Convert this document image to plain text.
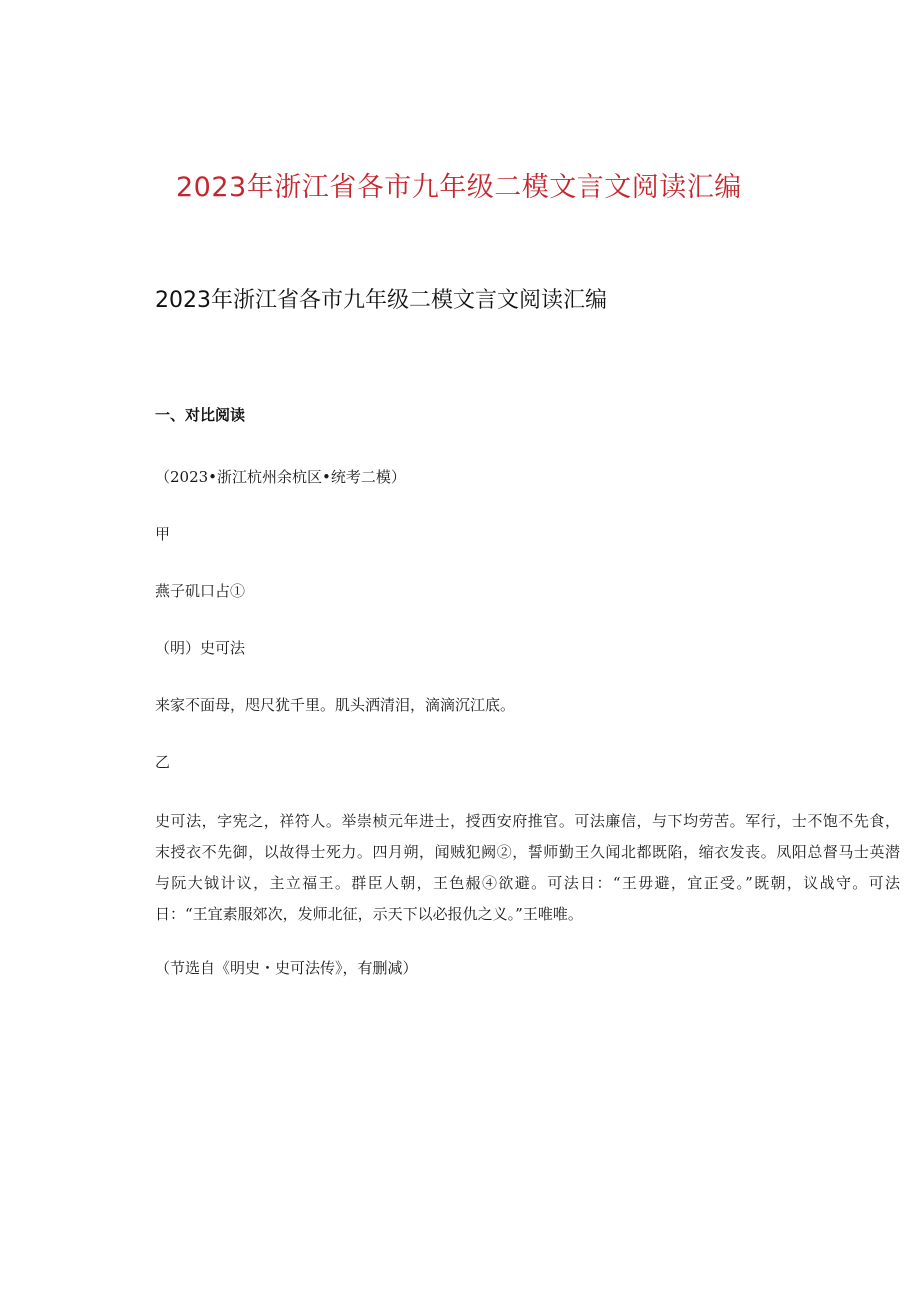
2023年浙江省各市九年级二模文言文阅读汇编
2023年浙江省各市九年级二模文言文阅读汇编
一、对比阅读
（2023•浙江杭州余杭区•统考二模）
甲
燕子矶口占①
（明）史可法
来家不面母，咫尺犹千里。肌头洒清泪，滴滴沉江底。
乙
史可法，字宪之，祥符人。举崇桢元年进士，授西安府推官。可法廉信，与下均劳苦。军行，士不饱不先食，
末授衣不先御，以故得士死力。四月朔，闻贼犯阙②，誓师勤王久闻北都既陷，缩衣发丧。凤阳总督马士英潜
与阮大钺计议，主立福王。群臣人朝，王色赧④欲避。可法日：“王毋避，宜正受。”既朝，议战守。可法
日：“王宜素服郊次，发师北征，示天下以必报仇之义。”王唯唯。
（节选自《明史・史可法传》，有删减）
